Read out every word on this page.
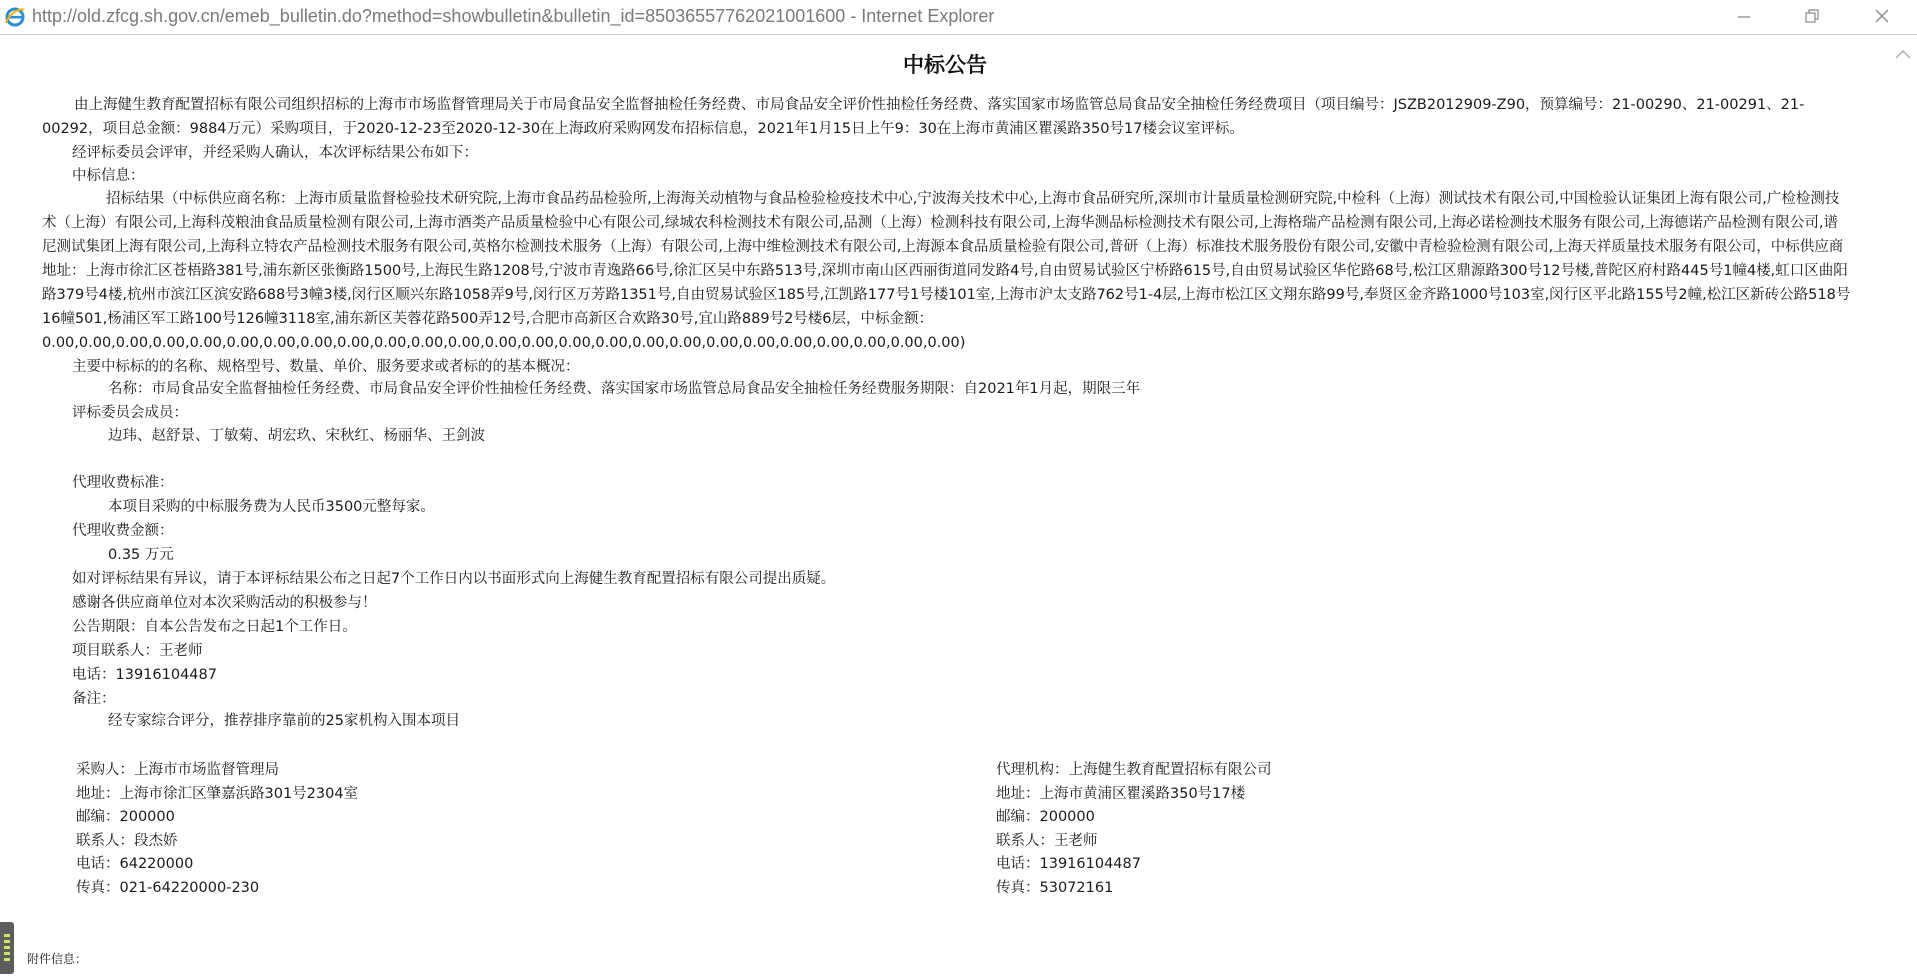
http://old.zfcg.sh.gov.cn/emeb_bulletin.do?method=showbulletin&bulletin_id=85036557762021001600 - Internet Explorer
中标公告
由上海健生教育配置招标有限公司组织招标的上海市市场监督管理局关于市局食品安全监督抽检任务经费、市局食品安全评价性抽检任务经费、落实国家市场监管总局食品安全抽检任务经费项目（项目编号：JSZB2012909-Z90，预算编号：21-00290、21-00291、21-00292，项目总金额：9884万元）采购项目，于2020-12-23至2020-12-30在上海政府采购网发布招标信息，2021年1月15日上午9：30在上海市黄浦区瞿溪路350号17楼会议室评标。
经评标委员会评审，并经采购人确认，本次评标结果公布如下：
中标信息：
招标结果（中标供应商名称：上海市质量监督检验技术研究院,上海市食品药品检验所,上海海关动植物与食品检验检疫技术中心,宁波海关技术中心,上海市食品研究所,深圳市计量质量检测研究院,中检科（上海）测试技术有限公司,中国检验认证集团上海有限公司,广检检测技术（上海）有限公司,上海科茂粮油食品质量检测有限公司,上海市酒类产品质量检验中心有限公司,绿城农科检测技术有限公司,品测（上海）检测科技有限公司,上海华测品标检测技术有限公司,上海格瑞产品检测有限公司,上海必诺检测技术服务有限公司,上海德诺产品检测有限公司,谱尼测试集团上海有限公司,上海科立特农产品检测技术服务有限公司,英格尔检测技术服务（上海）有限公司,上海中维检测技术有限公司,上海源本食品质量检验有限公司,普研（上海）标准技术服务股份有限公司,安徽中青检验检测有限公司,上海天祥质量技术服务有限公司，中标供应商地址：上海市徐汇区苍梧路381号,浦东新区张衡路1500号,上海民生路1208号,宁波市青逸路66号,徐汇区吴中东路513号,深圳市南山区西丽街道同发路4号,自由贸易试验区宁桥路615号,自由贸易试验区华佗路68号,松江区鼎源路300号12号楼,普陀区府村路445号1幢4楼,虹口区曲阳路379号4楼,杭州市滨江区滨安路688号3幢3楼,闵行区顺兴东路1058弄9号,闵行区万芳路1351号,自由贸易试验区185号,江凯路177号1号楼101室,上海市沪太支路762号1-4层,上海市松江区文翔东路99号,奉贤区金齐路1000号103室,闵行区平北路155号2幢,松江区新砖公路518号16幢501,杨浦区军工路100号126幢3118室,浦东新区芙蓉花路500弄12号,合肥市高新区合欢路30号,宜山路889号2号楼6层，中标金额：0.00,0.00,0.00,0.00,0.00,0.00,0.00,0.00,0.00,0.00,0.00,0.00,0.00,0.00,0.00,0.00,0.00,0.00,0.00,0.00,0.00,0.00,0.00,0.00,0.00)
主要中标标的的名称、规格型号、数量、单价、服务要求或者标的的基本概况：
名称：市局食品安全监督抽检任务经费、市局食品安全评价性抽检任务经费、落实国家市场监管总局食品安全抽检任务经费服务期限：自2021年1月起，期限三年
评标委员会成员：
边玮、赵舒景、丁敏菊、胡宏玖、宋秋红、杨丽华、王剑波
代理收费标准：
本项目采购的中标服务费为人民币3500元整每家。
代理收费金额：
0.35 万元
如对评标结果有异议，请于本评标结果公布之日起7个工作日内以书面形式向上海健生教育配置招标有限公司提出质疑。
感谢各供应商单位对本次采购活动的积极参与！
公告期限：自本公告发布之日起1个工作日。
项目联系人：王老师
电话：13916104487
备注：
经专家综合评分，推荐排序靠前的25家机构入围本项目
采购人：上海市市场监督管理局
地址：上海市徐汇区肇嘉浜路301号2304室
邮编：200000
联系人：段杰娇
电话：64220000
传真：021-64220000-230
代理机构：上海健生教育配置招标有限公司
地址：上海市黄浦区瞿溪路350号17楼
邮编：200000
联系人：王老师
电话：13916104487
传真：53072161
附件信息：
